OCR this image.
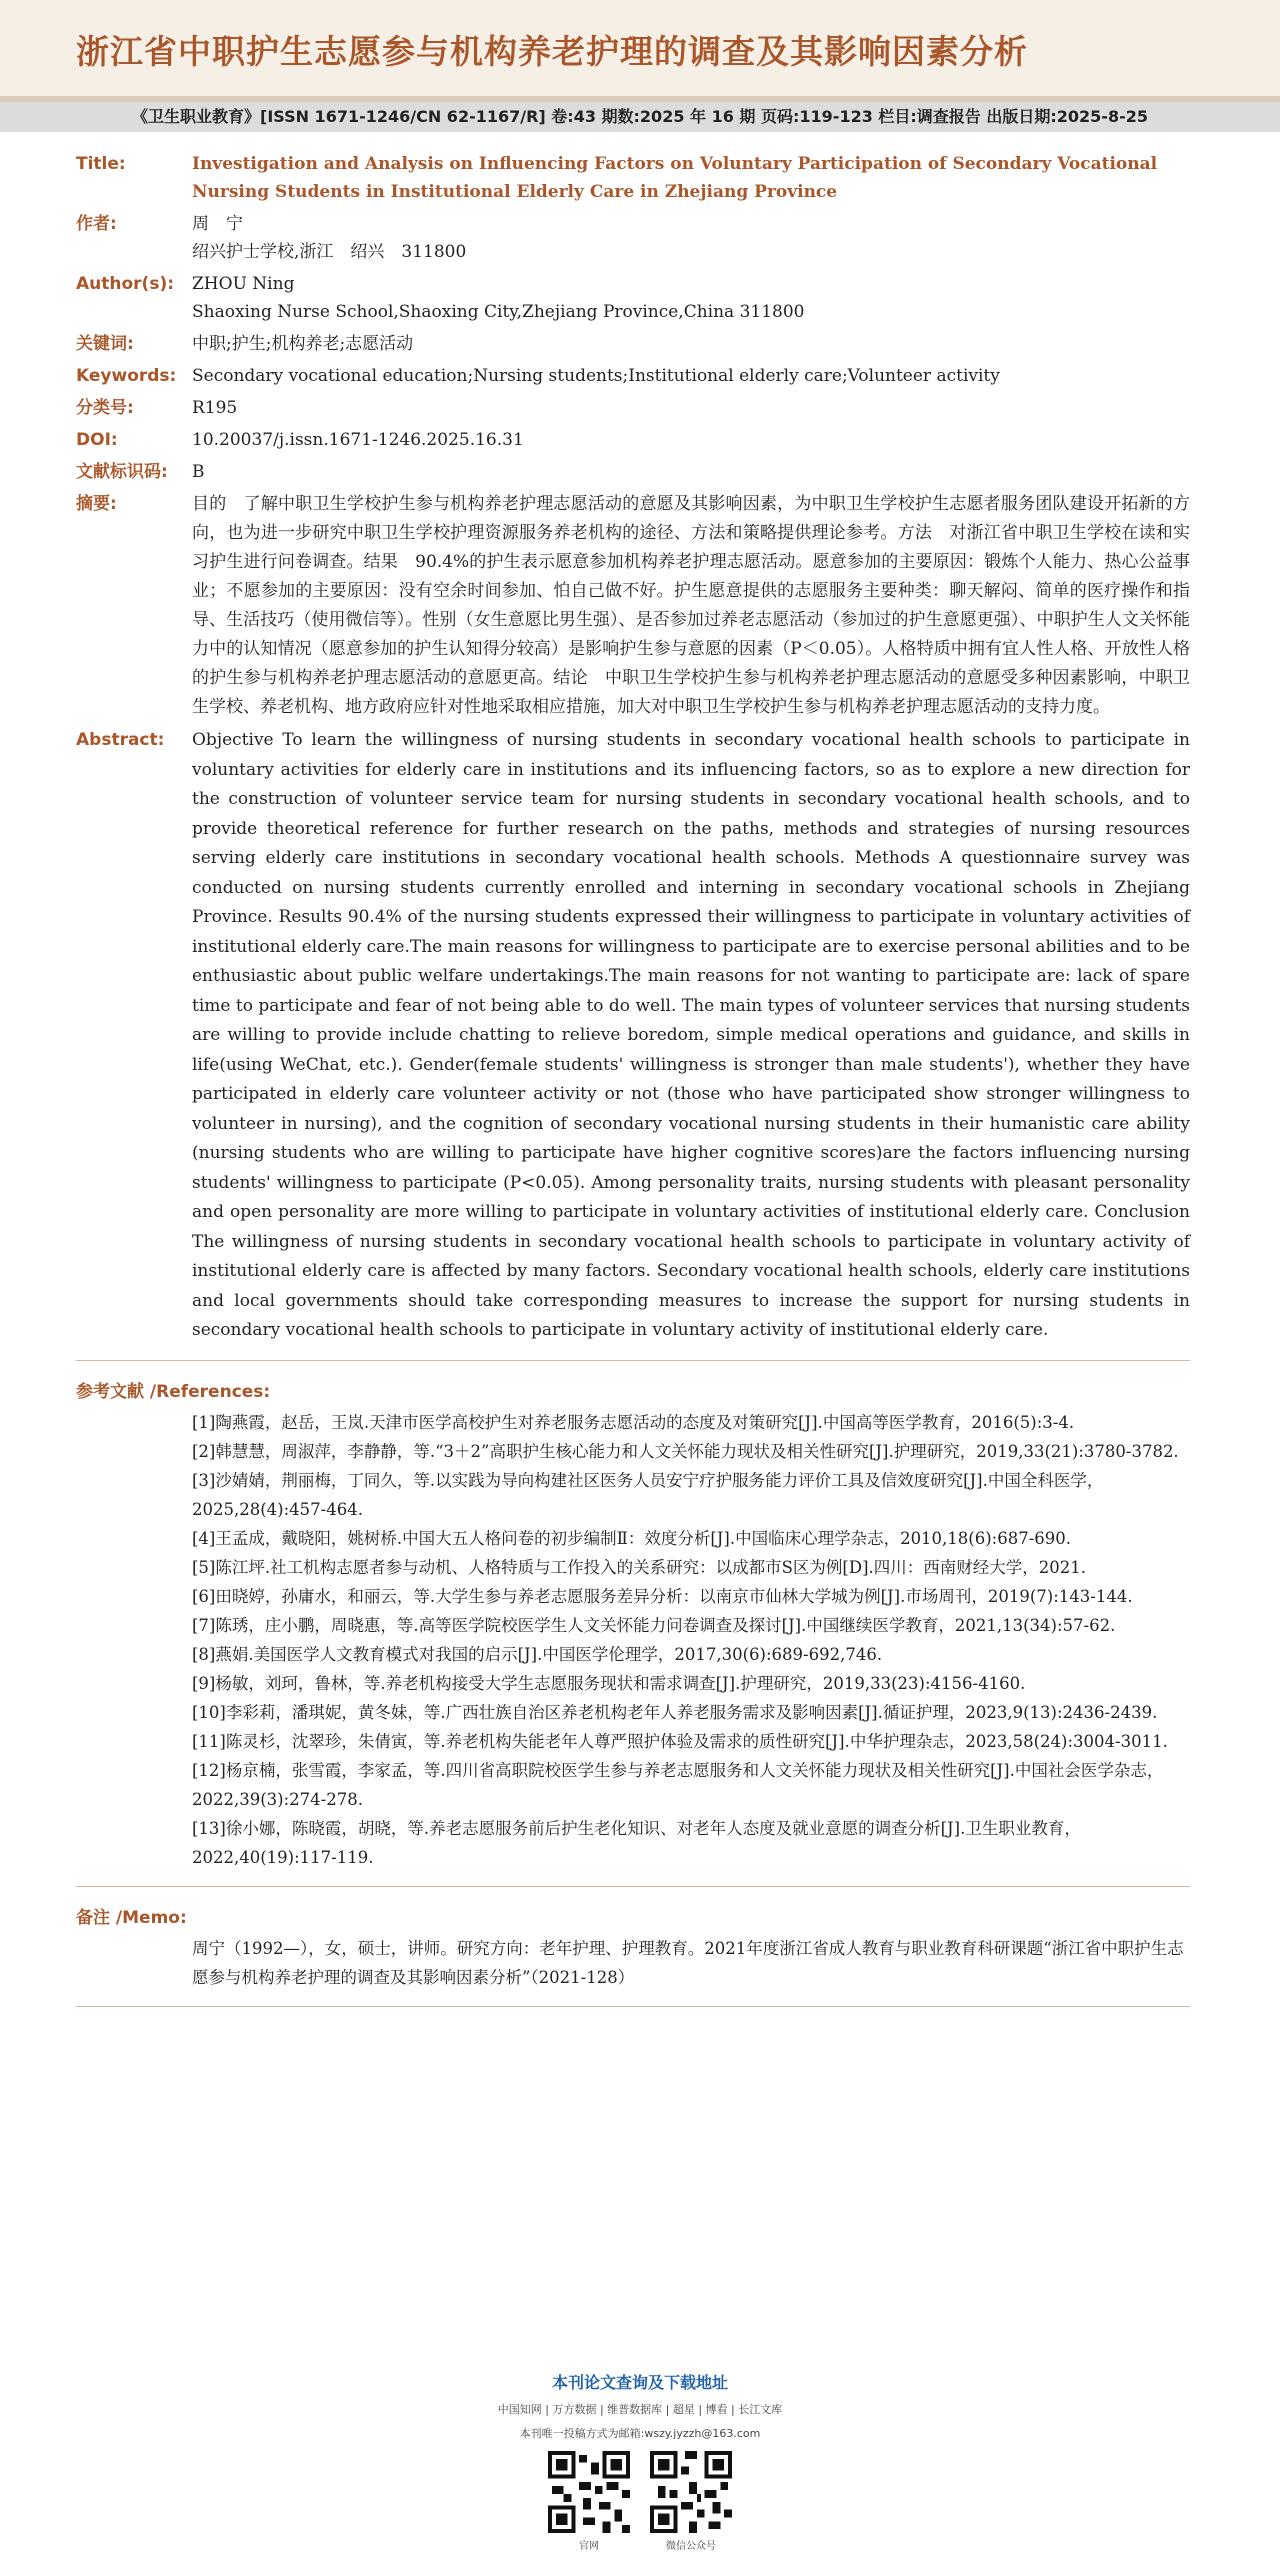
浙江省中职护生志愿参与机构养老护理的调查及其影响因素分析
《卫生职业教育》[ISSN 1671-1246/CN 62-1167/R] 卷:43 期数:2025 年 16 期 页码:119-123 栏目:调查报告 出版日期:2025-8-25
Title:	Investigation and Analysis on Influencing Factors on Voluntary Participation of Secondary Vocational Nursing Students in Institutional Elderly Care in Zhejiang Province
作者:	周　宁
绍兴护士学校,浙江　绍兴　311800
Author(s):	ZHOU Ning
Shaoxing Nurse School,Shaoxing City,Zhejiang Province,China 311800
关键词:	中职;护生;机构养老;志愿活动
Keywords: Secondary vocational education;Nursing students;Institutional elderly care;Volunteer activity
分类号:	R195
DOI:	10.20037/j.issn.1671-1246.2025.16.31
文献标识码:	B
摘要:	目的　了解中职卫生学校护生参与机构养老护理志愿活动的意愿及其影响因素，为中职卫生学校护生志愿者服务团队建设开拓新的方向，也为进一步研究中职卫生学校护理资源服务养老机构的途径、方法和策略提供理论参考。方法　对浙江省中职卫生学校在读和实习护生进行问卷调查。结果　90.4%的护生表示愿意参加机构养老护理志愿活动。愿意参加的主要原因：锻炼个人能力、热心公益事业；不愿参加的主要原因：没有空余时间参加、怕自己做不好。护生愿意提供的志愿服务主要种类：聊天解闷、简单的医疗操作和指导、生活技巧（使用微信等）。性别（女生意愿比男生强）、是否参加过养老志愿活动（参加过的护生意愿更强）、中职护生人文关怀能力中的认知情况（愿意参加的护生认知得分较高）是影响护生参与意愿的因素（P＜0.05）。人格特质中拥有宜人性人格、开放性人格的护生参与机构养老护理志愿活动的意愿更高。结论　中职卫生学校护生参与机构养老护理志愿活动的意愿受多种因素影响，中职卫生学校、养老机构、地方政府应针对性地采取相应措施，加大对中职卫生学校护生参与机构养老护理志愿活动的支持力度。
Abstract:	Objective To learn the willingness of nursing students in secondary vocational health schools to participate in voluntary activities for elderly care in institutions and its influencing factors, so as to explore a new direction for the construction of volunteer service team for nursing students in secondary vocational health schools, and to provide theoretical reference for further research on the paths, methods and strategies of nursing resources serving elderly care institutions in secondary vocational health schools. Methods A questionnaire survey was conducted on nursing students currently enrolled and interning in secondary vocational schools in Zhejiang Province. Results 90.4% of the nursing students expressed their willingness to participate in voluntary activities of institutional elderly care.The main reasons for willingness to participate are to exercise personal abilities and to be enthusiastic about public welfare undertakings.The main reasons for not wanting to participate are: lack of spare time to participate and fear of not being able to do well. The main types of volunteer services that nursing students are willing to provide include chatting to relieve boredom, simple medical operations and guidance, and skills in life(using WeChat, etc.). Gender(female students' willingness is stronger than male students'), whether they have participated in elderly care volunteer activity or not (those who have participated show stronger willingness to volunteer in nursing), and the cognition of secondary vocational nursing students in their humanistic care ability (nursing students who are willing to participate have higher cognitive scores)are the factors influencing nursing students' willingness to participate (P<0.05). Among personality traits, nursing students with pleasant personality and open personality are more willing to participate in voluntary activities of institutional elderly care. Conclusion The willingness of nursing students in secondary vocational health schools to participate in voluntary activity of institutional elderly care is affected by many factors. Secondary vocational health schools, elderly care institutions and local governments should take corresponding measures to increase the support for nursing students in secondary vocational health schools to participate in voluntary activity of institutional elderly care.
参考文献 /References:
[1]陶燕霞，赵岳，王岚.天津市医学高校护生对养老服务志愿活动的态度及对策研究[J].中国高等医学教育，2016(5):3-4.
[2]韩慧慧，周淑萍，李静静，等.“3＋2”高职护生核心能力和人文关怀能力现状及相关性研究[J].护理研究，2019,33(21):3780-3782.
[3]沙婧婧，荆丽梅，丁同久，等.以实践为导向构建社区医务人员安宁疗护服务能力评价工具及信效度研究[J].中国全科医学，2025,28(4):457-464.
[4]王孟成，戴晓阳，姚树桥.中国大五人格问卷的初步编制Ⅱ：效度分析[J].中国临床心理学杂志，2010,18(6):687-690.
[5]陈江坪.社工机构志愿者参与动机、人格特质与工作投入的关系研究：以成都市S区为例[D].四川：西南财经大学，2021.
[6]田晓婷，孙庸水，和丽云，等.大学生参与养老志愿服务差异分析：以南京市仙林大学城为例[J].市场周刊，2019(7):143-144.
[7]陈琇，庄小鹏，周晓惠，等.高等医学院校医学生人文关怀能力问卷调查及探讨[J].中国继续医学教育，2021,13(34):57-62.
[8]燕娟.美国医学人文教育模式对我国的启示[J].中国医学伦理学，2017,30(6):689-692,746.
[9]杨敏，刘珂，鲁林，等.养老机构接受大学生志愿服务现状和需求调查[J].护理研究，2019,33(23):4156-4160.
[10]李彩莉，潘琪妮，黄冬妹，等.广西壮族自治区养老机构老年人养老服务需求及影响因素[J].循证护理，2023,9(13):2436-2439.
[11]陈灵杉，沈翠珍，朱倩寅，等.养老机构失能老年人尊严照护体验及需求的质性研究[J].中华护理杂志，2023,58(24):3004-3011.
[12]杨京楠，张雪霞，李家孟，等.四川省高职院校医学生参与养老志愿服务和人文关怀能力现状及相关性研究[J].中国社会医学杂志，2022,39(3):274-278.
[13]徐小娜，陈晓霞，胡晓，等.养老志愿服务前后护生老化知识、对老年人态度及就业意愿的调查分析[J].卫生职业教育，2022,40(19):117-119.
备注 /Memo:
周宁（1992—），女，硕士，讲师。研究方向：老年护理、护理教育。2021年度浙江省成人教育与职业教育科研课题“浙江省中职护生志愿参与机构养老护理的调查及其影响因素分析”（2021-128）
本刊论文查询及下载地址
中国知网 | 万方数据 | 维普数据库 | 超星 | 博看 | 长江文库
本刊唯一投稿方式为邮箱:wszy.jyzzh@163.com
官网	微信公众号
